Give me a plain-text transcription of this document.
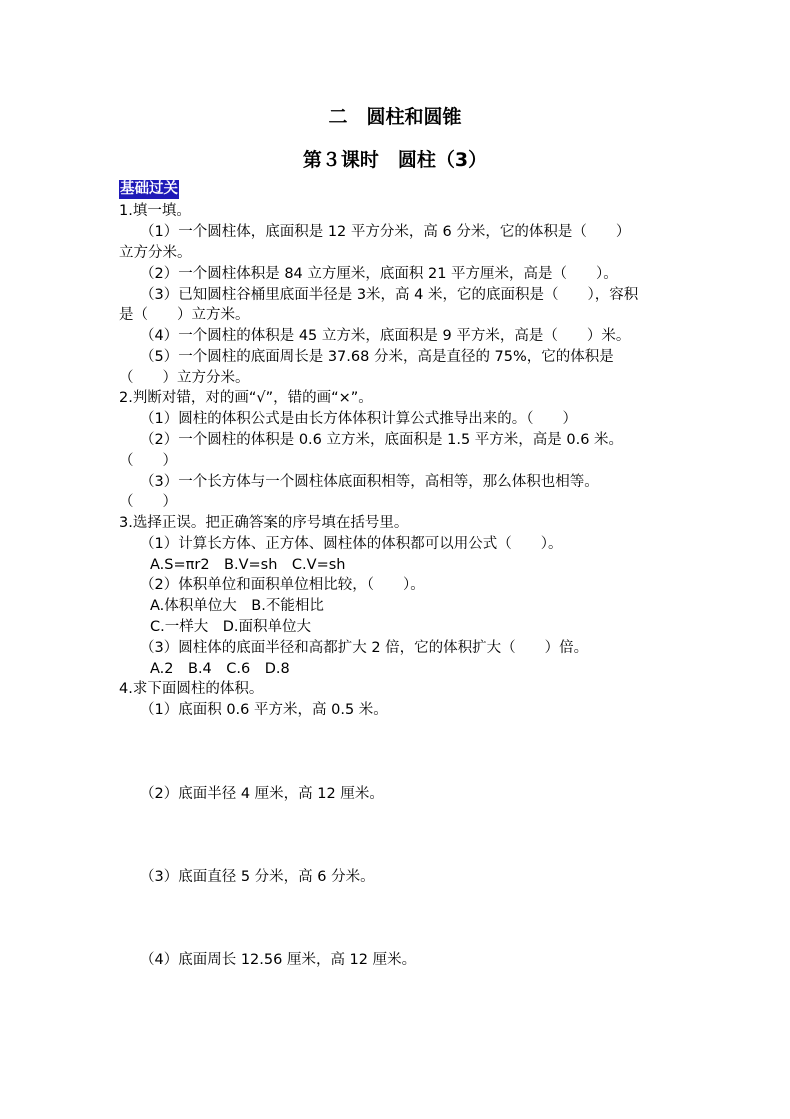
二　圆柱和圆锥
第３课时　圆柱（3）
基础过关
1.填一填。
（1）一个圆柱体，底面积是 12 平方分米，高 6 分米，它的体积是（　　）
立方分米。
（2）一个圆柱体积是 84 立方厘米，底面积 21 平方厘米，高是（　　）。
（3）已知圆柱谷桶里底面半径是 3米，高 4 米，它的底面积是（　　），容积
是（　　）立方米。
（4）一个圆柱的体积是 45 立方米，底面积是 9 平方米，高是（　　）米。
（5）一个圆柱的底面周长是 37.68 分米，高是直径的 75%，它的体积是
（　　）立方分米。
2.判断对错，对的画“√”，错的画“×”。
（1）圆柱的体积公式是由长方体体积计算公式推导出来的。（　　）
（2）一个圆柱的体积是 0.6 立方米，底面积是 1.5 平方米，高是 0.6 米。
（　　）
（3）一个长方体与一个圆柱体底面积相等，高相等，那么体积也相等。
（　　）
3.选择正误。把正确答案的序号填在括号里。
（1）计算长方体、正方体、圆柱体的体积都可以用公式（　　）。
A.S=πr2　B.V=sh　C.V=sh
（2）体积单位和面积单位相比较，（　　）。
A.体积单位大　B.不能相比
C.一样大　D.面积单位大
（3）圆柱体的底面半径和高都扩大 2 倍，它的体积扩大（　　）倍。
A.2　B.4　C.6　D.8
4.求下面圆柱的体积。
（1）底面积 0.6 平方米，高 0.5 米。
（2）底面半径 4 厘米，高 12 厘米。
（3）底面直径 5 分米，高 6 分米。
（4）底面周长 12.56 厘米，高 12 厘米。
